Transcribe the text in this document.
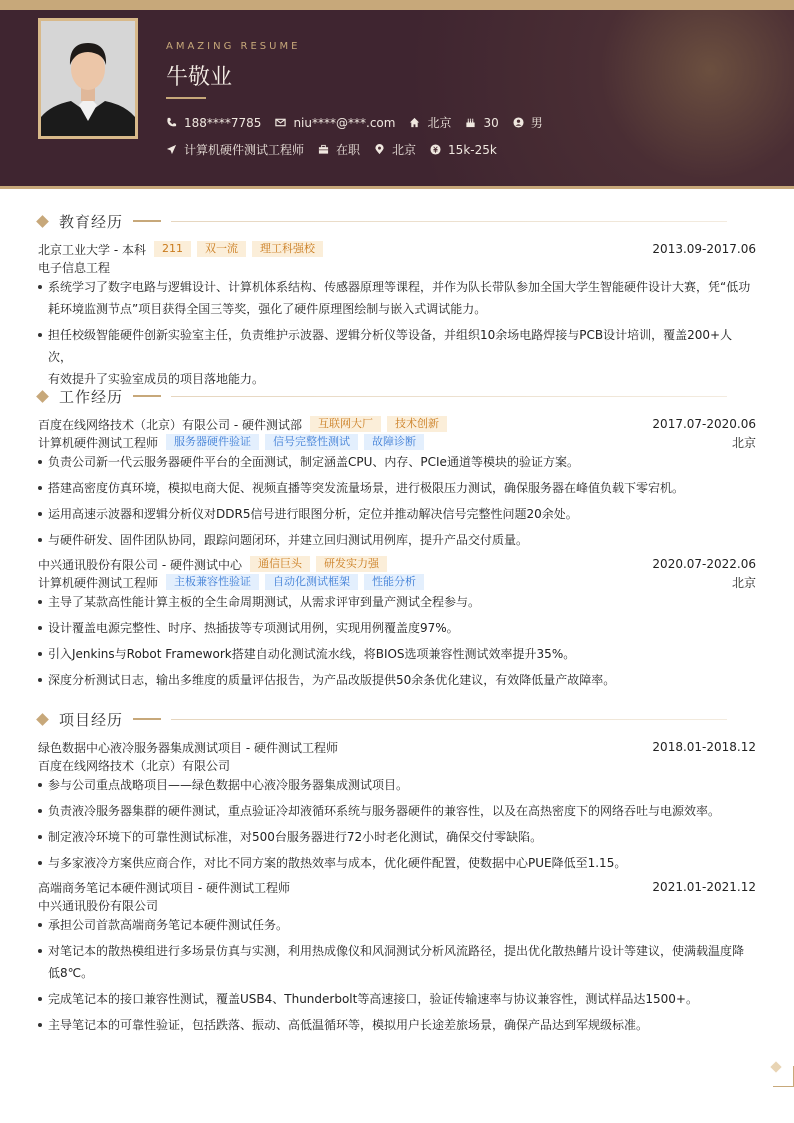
AMAZING RESUME
牛敬业
188****7785	niu****@***.com	北京	30	男
计算机硬件测试工程师	在职	北京	15k-25k
教育经历
北京工业大学 - 本科	211	双一流	理工科强校	2013.09-2017.06
电子信息工程
系统学习了数字电路与逻辑设计、计算机体系结构、传感器原理等课程，并作为队长带队参加全国大学生智能硬件设计大赛，凭“低功
耗环境监测节点”项目获得全国三等奖，强化了硬件原理图绘制与嵌入式调试能力。
担任校级智能硬件创新实验室主任，负责维护示波器、逻辑分析仪等设备，并组织10余场电路焊接与PCB设计培训，覆盖200+人次，
有效提升了实验室成员的项目落地能力。
工作经历
百度在线网络技术（北京）有限公司 - 硬件测试部	互联网大厂	技术创新	2017.07-2020.06
计算机硬件测试工程师	服务器硬件验证	信号完整性测试	故障诊断	北京
负责公司新一代云服务器硬件平台的全面测试，制定涵盖CPU、内存、PCIe通道等模块的验证方案。
搭建高密度仿真环境，模拟电商大促、视频直播等突发流量场景，进行极限压力测试，确保服务器在峰值负载下零宕机。
运用高速示波器和逻辑分析仪对DDR5信号进行眼图分析，定位并推动解决信号完整性问题20余处。
与硬件研发、固件团队协同，跟踪问题闭环，并建立回归测试用例库，提升产品交付质量。
中兴通讯股份有限公司 - 硬件测试中心	通信巨头	研发实力强	2020.07-2022.06
计算机硬件测试工程师	主板兼容性验证	自动化测试框架	性能分析	北京
主导了某款高性能计算主板的全生命周期测试，从需求评审到量产测试全程参与。
设计覆盖电源完整性、时序、热插拔等专项测试用例，实现用例覆盖度97%。
引入Jenkins与Robot Framework搭建自动化测试流水线，将BIOS选项兼容性测试效率提升35%。
深度分析测试日志，输出多维度的质量评估报告，为产品改版提供50余条优化建议，有效降低量产故障率。
项目经历
绿色数据中心液冷服务器集成测试项目 - 硬件测试工程师	2018.01-2018.12
百度在线网络技术（北京）有限公司
参与公司重点战略项目——绿色数据中心液冷服务器集成测试项目。
负责液冷服务器集群的硬件测试，重点验证冷却液循环系统与服务器硬件的兼容性，以及在高热密度下的网络吞吐与电源效率。
制定液冷环境下的可靠性测试标准，对500台服务器进行72小时老化测试，确保交付零缺陷。
与多家液冷方案供应商合作，对比不同方案的散热效率与成本，优化硬件配置，使数据中心PUE降低至1.15。
高端商务笔记本硬件测试项目 - 硬件测试工程师	2021.01-2021.12
中兴通讯股份有限公司
承担公司首款高端商务笔记本硬件测试任务。
对笔记本的散热模组进行多场景仿真与实测，利用热成像仪和风洞测试分析风流路径，提出优化散热鳍片设计等建议，使满载温度降
低8℃。
完成笔记本的接口兼容性测试，覆盖USB4、Thunderbolt等高速接口，验证传输速率与协议兼容性，测试样品达1500+。
主导笔记本的可靠性验证，包括跌落、振动、高低温循环等，模拟用户长途差旅场景，确保产品达到军规级标准。
